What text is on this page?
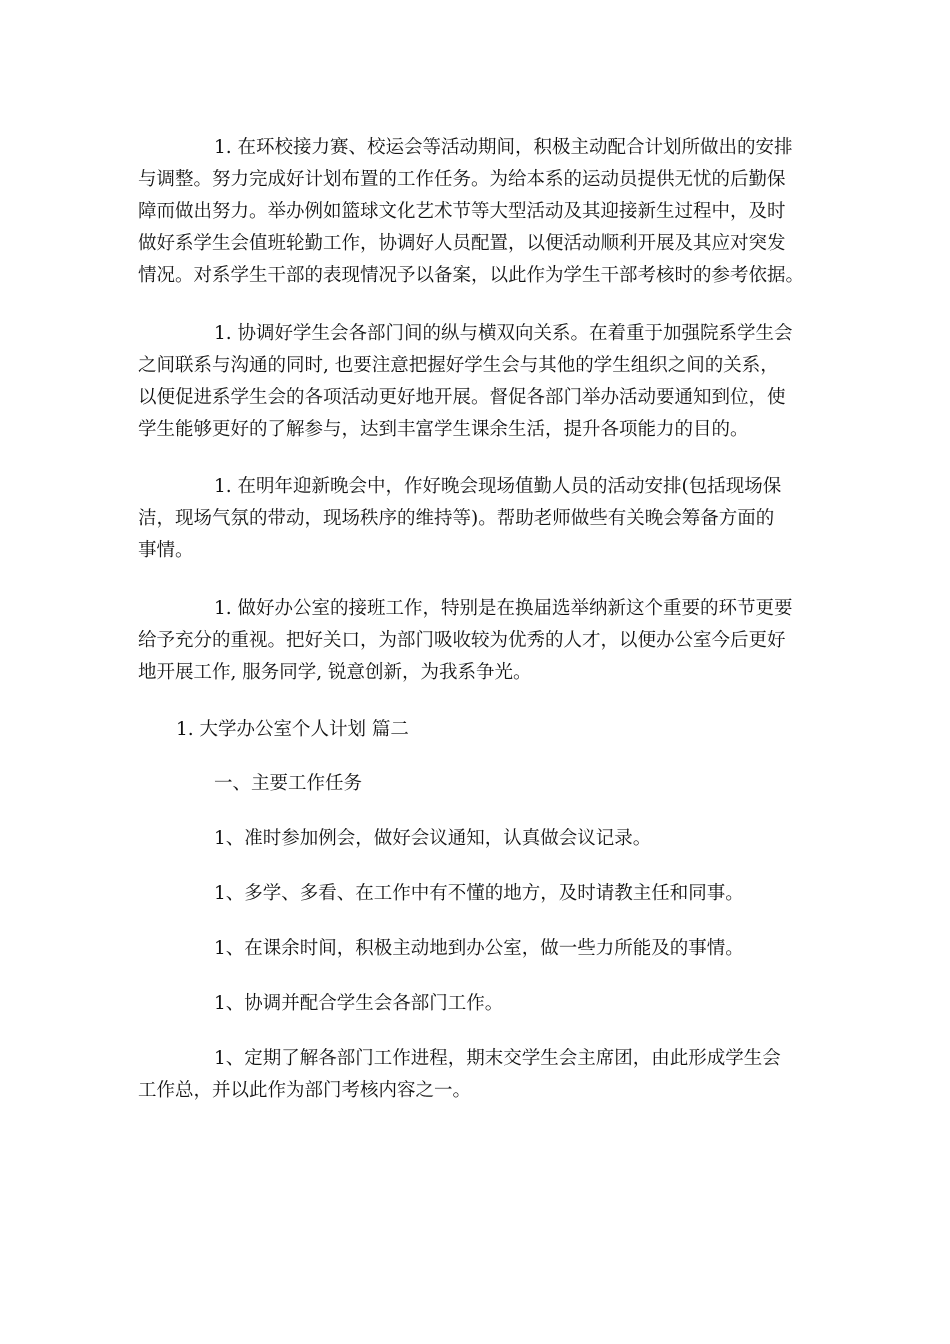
1. 在环校接力赛、校运会等活动期间，积极主动配合计划所做出的安排
与调整。努力完成好计划布置的工作任务。为给本系的运动员提供无忧的后勤保
障而做出努力。举办例如篮球文化艺术节等大型活动及其迎接新生过程中，及时
做好系学生会值班轮勤工作，协调好人员配置，以便活动顺利开展及其应对突发
情况。对系学生干部的表现情况予以备案，以此作为学生干部考核时的参考依据。
1. 协调好学生会各部门间的纵与横双向关系。在着重于加强院系学生会
之间联系与沟通的同时, 也要注意把握好学生会与其他的学生组织之间的关系，
以便促进系学生会的各项活动更好地开展。督促各部门举办活动要通知到位，使
学生能够更好的了解参与，达到丰富学生课余生活，提升各项能力的目的。
1. 在明年迎新晚会中，作好晚会现场值勤人员的活动安排(包括现场保
洁，现场气氛的带动，现场秩序的维持等)。帮助老师做些有关晚会筹备方面的
事情。
1. 做好办公室的接班工作，特别是在换届选举纳新这个重要的环节更要
给予充分的重视。把好关口，为部门吸收较为优秀的人才，以便办公室今后更好
地开展工作, 服务同学, 锐意创新，为我系争光。
1. 大学办公室个人计划 篇二
一、主要工作任务
1、准时参加例会，做好会议通知，认真做会议记录。
1、多学、多看、在工作中有不懂的地方，及时请教主任和同事。
1、在课余时间，积极主动地到办公室，做一些力所能及的事情。
1、协调并配合学生会各部门工作。
1、定期了解各部门工作进程，期末交学生会主席团，由此形成学生会
工作总，并以此作为部门考核内容之一。
